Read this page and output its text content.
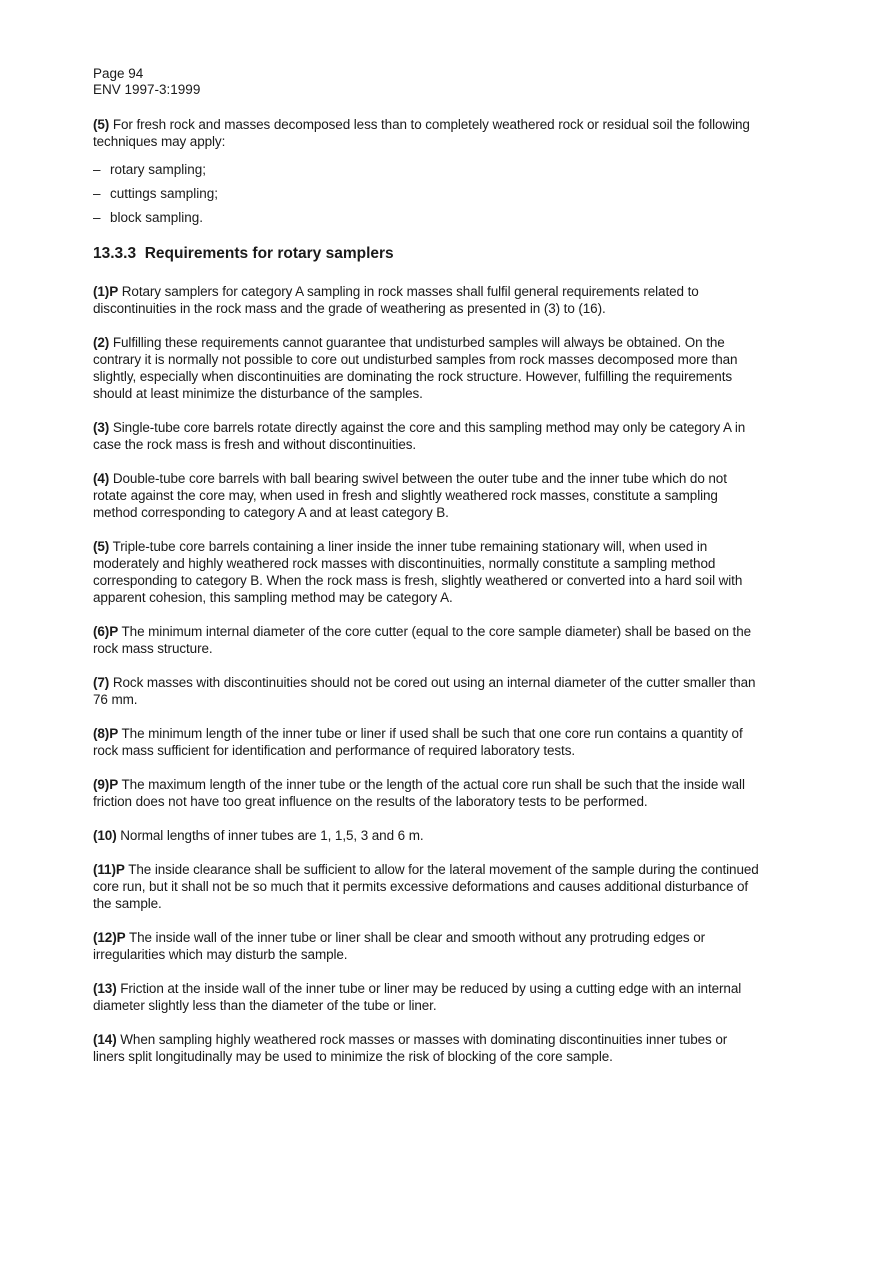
Page 94
ENV 1997-3:1999

(5) For fresh rock and masses decomposed less than to completely weathered rock or residual soil the following techniques may apply:

– rotary sampling;
– cuttings sampling;
– block sampling.
13.3.3 Requirements for rotary samplers

(1)P Rotary samplers for category A sampling in rock masses shall fulfil general requirements related to discontinuities in the rock mass and the grade of weathering as presented in (3) to (16).

(2) Fulfilling these requirements cannot guarantee that undisturbed samples will always be obtained. On the contrary it is normally not possible to core out undisturbed samples from rock masses decomposed more than slightly, especially when discontinuities are dominating the rock structure. However, fulfilling the requirements should at least minimize the disturbance of the samples.

(3) Single-tube core barrels rotate directly against the core and this sampling method may only be category A in case the rock mass is fresh and without discontinuities.

(4) Double-tube core barrels with ball bearing swivel between the outer tube and the inner tube which do not rotate against the core may, when used in fresh and slightly weathered rock masses, constitute a sampling method corresponding to category A and at least category B.

(5) Triple-tube core barrels containing a liner inside the inner tube remaining stationary will, when used in moderately and highly weathered rock masses with discontinuities, normally constitute a sampling method corresponding to category B. When the rock mass is fresh, slightly weathered or converted into a hard soil with apparent cohesion, this sampling method may be category A.

(6)P The minimum internal diameter of the core cutter (equal to the core sample diameter) shall be based on the rock mass structure.

(7) Rock masses with discontinuities should not be cored out using an internal diameter of the cutter smaller than 76 mm.

(8)P The minimum length of the inner tube or liner if used shall be such that one core run contains a quantity of rock mass sufficient for identification and performance of required laboratory tests.

(9)P The maximum length of the inner tube or the length of the actual core run shall be such that the inside wall friction does not have too great influence on the results of the laboratory tests to be performed.

(10) Normal lengths of inner tubes are 1, 1,5, 3 and 6 m.

(11)P The inside clearance shall be sufficient to allow for the lateral movement of the sample during the continued core run, but it shall not be so much that it permits excessive deformations and causes additional disturbance of the sample.

(12)P The inside wall of the inner tube or liner shall be clear and smooth without any protruding edges or irregularities which may disturb the sample.

(13) Friction at the inside wall of the inner tube or liner may be reduced by using a cutting edge with an internal diameter slightly less than the diameter of the tube or liner.

(14) When sampling highly weathered rock masses or masses with dominating discontinuities inner tubes or liners split longitudinally may be used to minimize the risk of blocking of the core sample.
